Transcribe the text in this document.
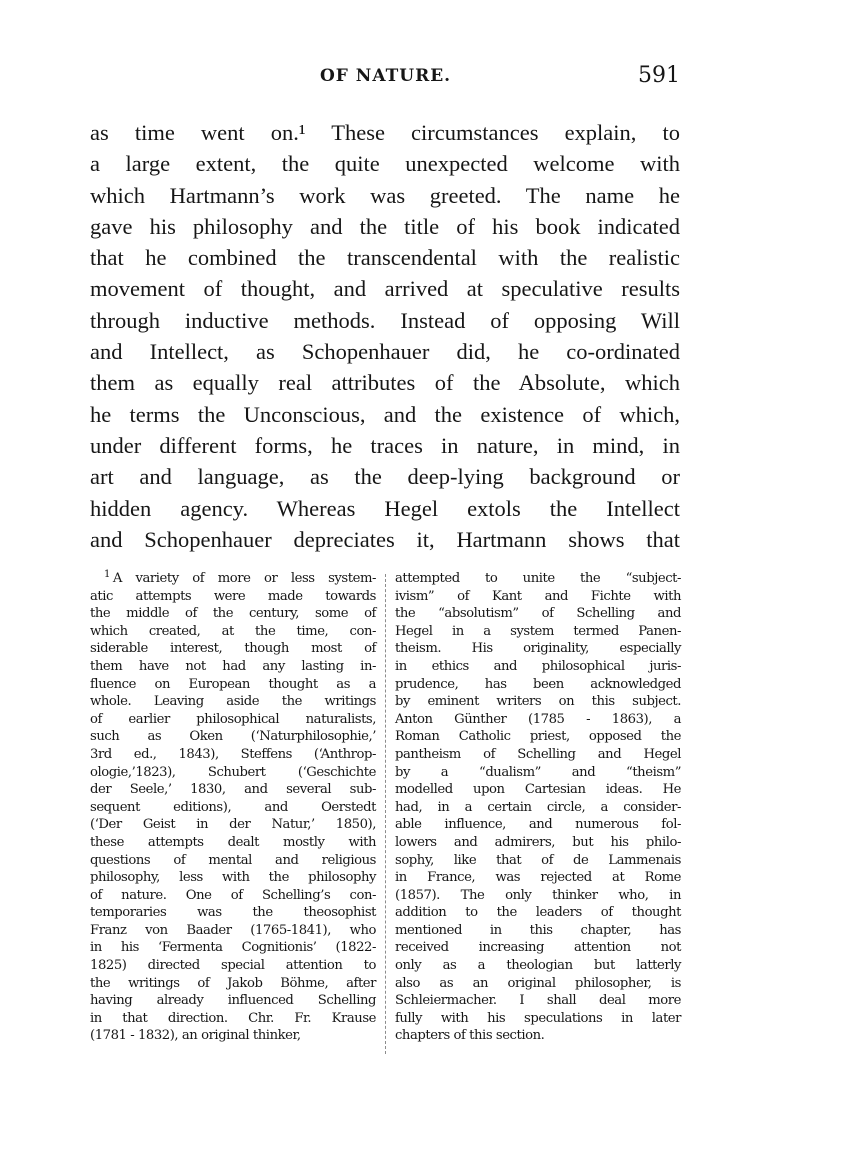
OF NATURE.	591
as time went on.¹ These circumstances explain, to
a large extent, the quite unexpected welcome with
which Hartmann’s work was greeted. The name he
gave his philosophy and the title of his book indicated
that he combined the transcendental with the realistic
movement of thought, and arrived at speculative results
through inductive methods. Instead of opposing Will
and Intellect, as Schopenhauer did, he co-ordinated
them as equally real attributes of the Absolute, which
he terms the Unconscious, and the existence of which,
under different forms, he traces in nature, in mind, in
art and language, as the deep-lying background or
hidden agency. Whereas Hegel extols the Intellect
and Schopenhauer depreciates it, Hartmann shows that
1 A variety of more or less system-
atic attempts were made towards
the middle of the century, some of
which created, at the time, con-
siderable interest, though most of
them have not had any lasting in-
fluence on European thought as a
whole. Leaving aside the writings
of earlier philosophical naturalists,
such as Oken (‘Naturphilosophie,’
3rd ed., 1843), Steffens (‘Anthrop-
ologie,’1823), Schubert (‘Geschichte
der Seele,’ 1830, and several sub-
sequent editions), and Oerstedt
(‘Der Geist in der Natur,’ 1850),
these attempts dealt mostly with
questions of mental and religious
philosophy, less with the philosophy
of nature. One of Schelling’s con-
temporaries was the theosophist
Franz von Baader (1765-1841), who
in his ‘Fermenta Cognitionis’ (1822-
1825) directed special attention to
the writings of Jakob Böhme, after
having already influenced Schelling
in that direction. Chr. Fr. Krause
(1781 - 1832), an original thinker,
attempted to unite the “subject-
ivism” of Kant and Fichte with
the “absolutism” of Schelling and
Hegel in a system termed Panen-
theism. His originality, especially
in ethics and philosophical juris-
prudence, has been acknowledged
by eminent writers on this subject.
Anton Günther (1785 - 1863), a
Roman Catholic priest, opposed the
pantheism of Schelling and Hegel
by a “dualism” and “theism”
modelled upon Cartesian ideas. He
had, in a certain circle, a consider-
able influence, and numerous fol-
lowers and admirers, but his philo-
sophy, like that of de Lammenais
in France, was rejected at Rome
(1857). The only thinker who, in
addition to the leaders of thought
mentioned in this chapter, has
received increasing attention not
only as a theologian but latterly
also as an original philosopher, is
Schleiermacher. I shall deal more
fully with his speculations in later
chapters of this section.
